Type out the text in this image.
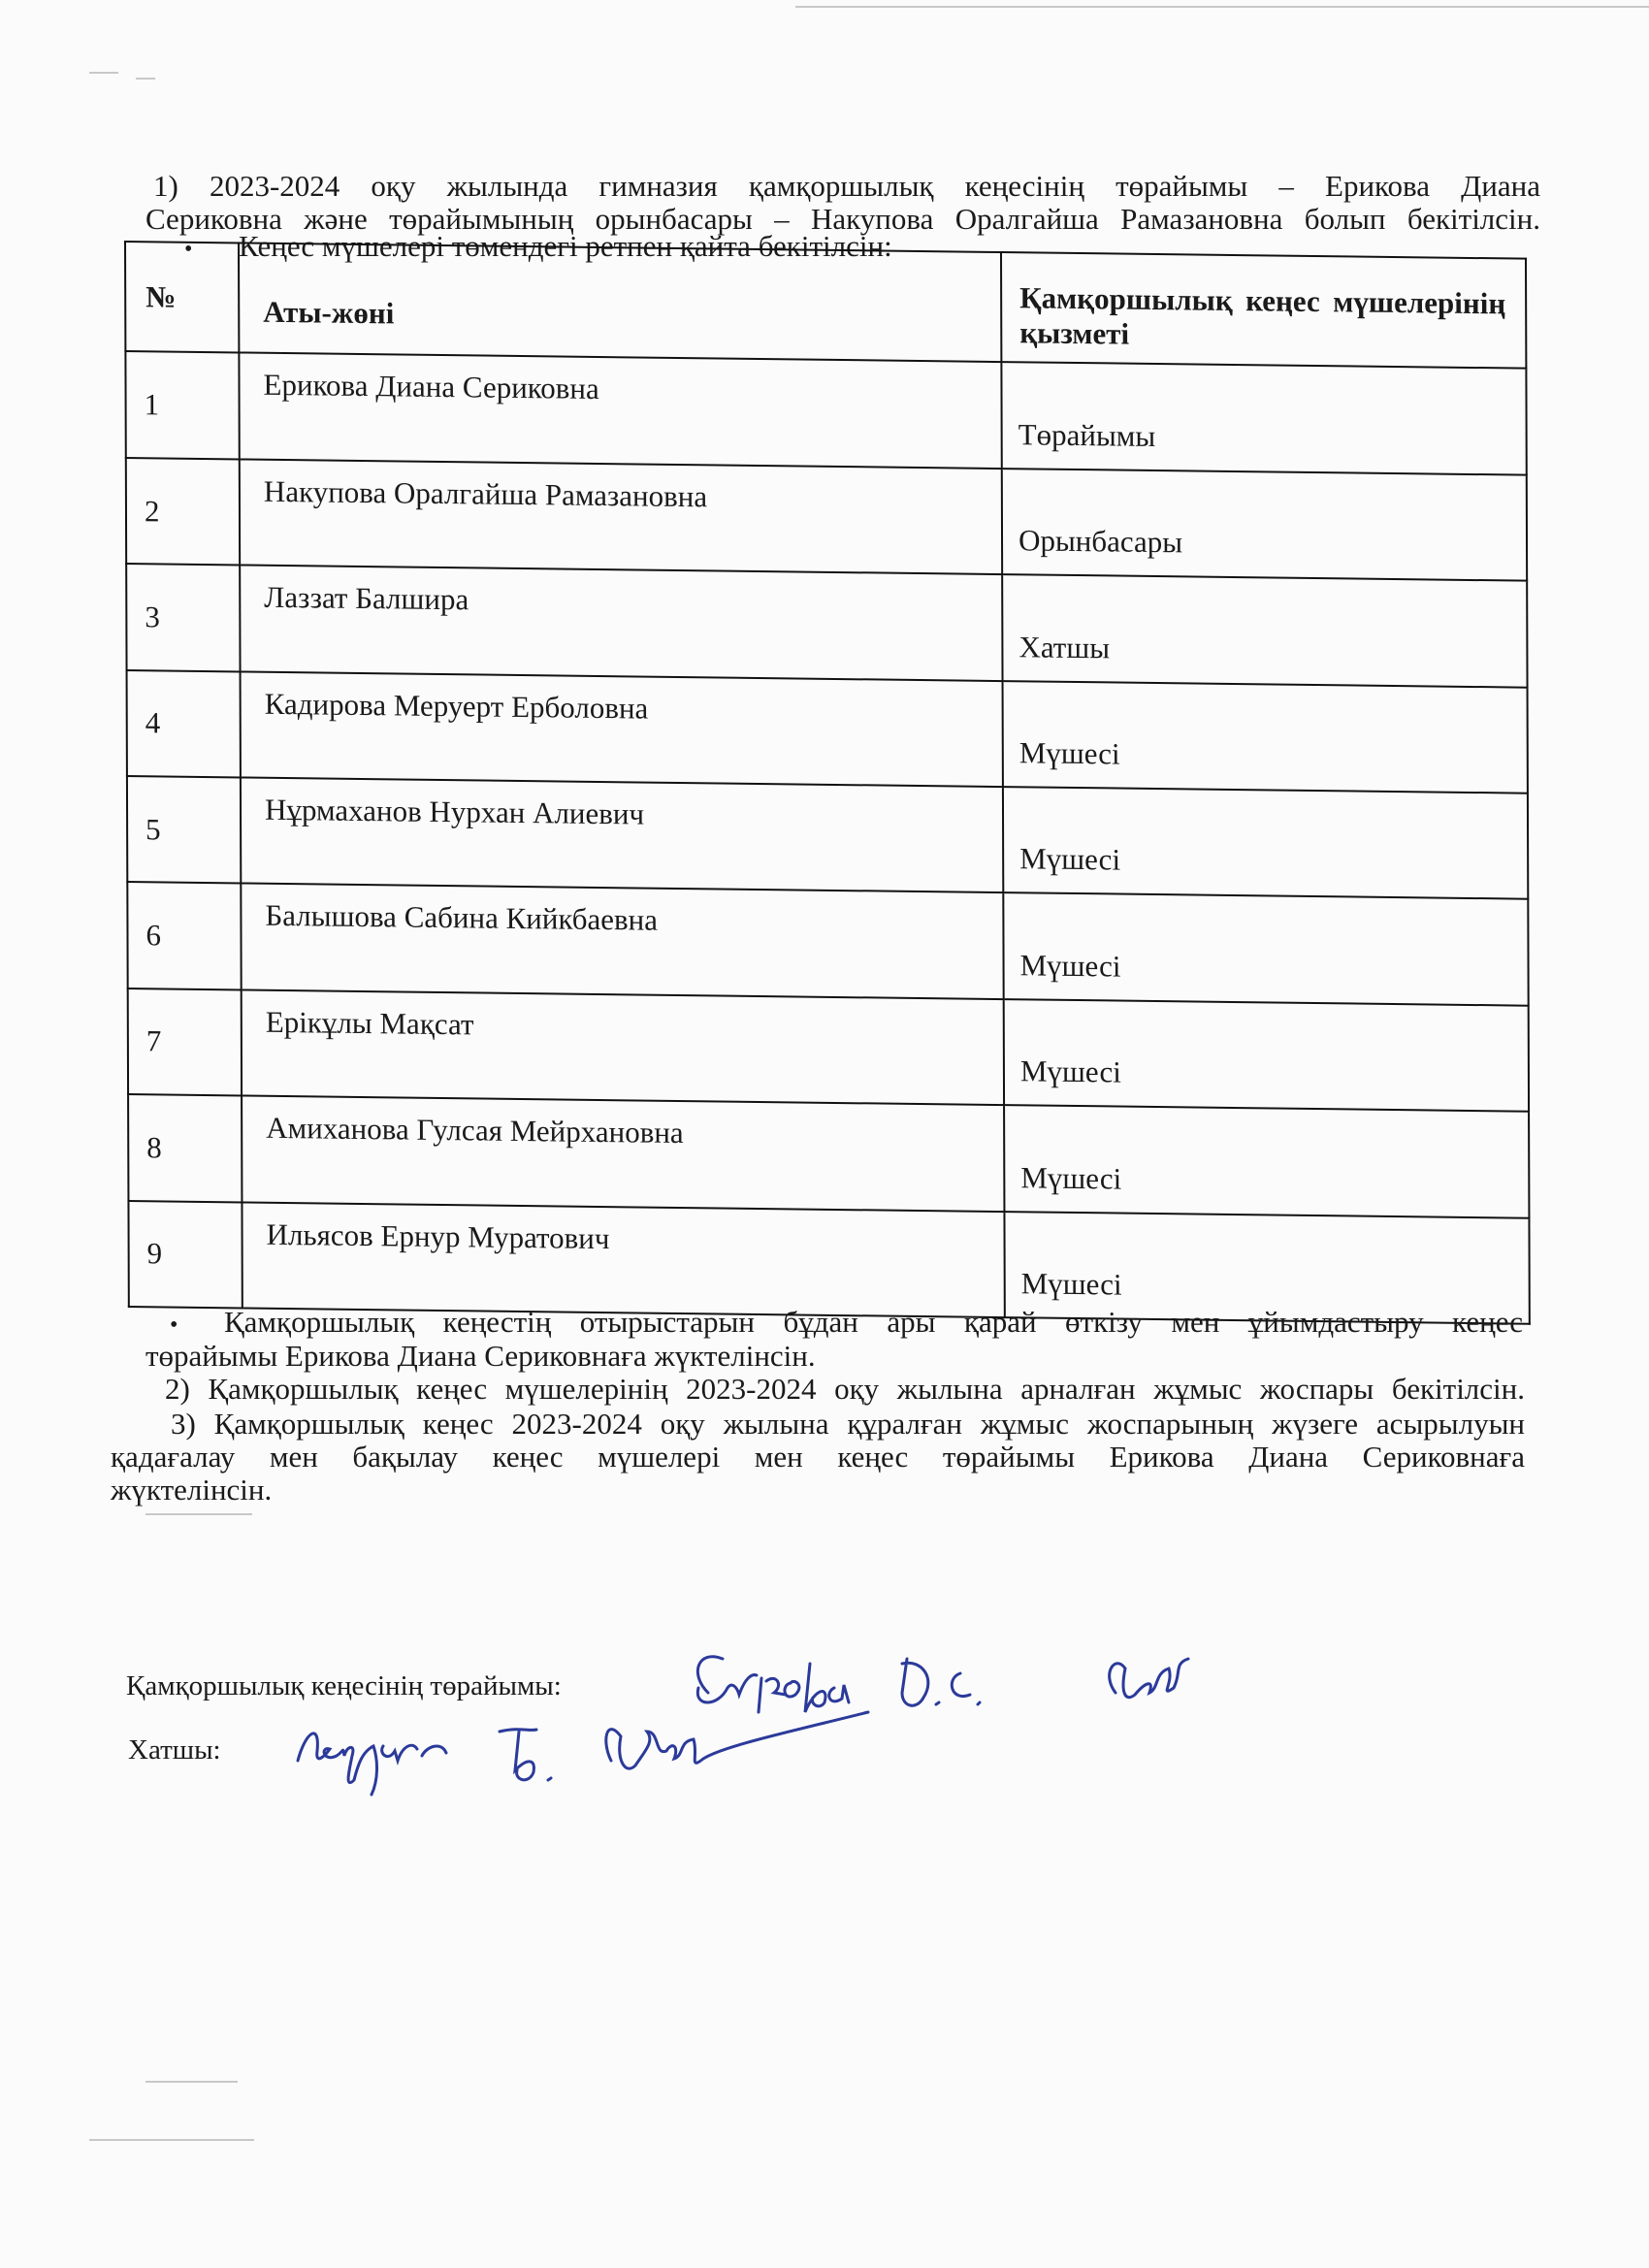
1) 2023-2024 оқу жылында гимназия қамқоршылық кеңесінің төрайымы – Ерикова Диана
Сериковна және төрайымының орынбасары – Накупова Оралгайша Рамазановна болып бекітілсін.
• Кеңес мүшелері төмендегі ретпен қайта бекітілсін:
№	Аты-жөні	Қамқоршылық кеңес мүшелерінің қызметі
1	Ерикова Диана Сериковна	Төрайымы
2	Накупова Оралгайша Рамазановна	Орынбасары
3	Лаззат Балшира	Хатшы
4	Кадирова Меруерт Ерболовна	Мүшесі
5	Нұрмаханов Нурхан Алиевич	Мүшесі
6	Балышова Сабина Кийкбаевна	Мүшесі
7	Ерікұлы Мақсат	Мүшесі
8	Амиханова Гулсая Мейрхановна	Мүшесі
9	Ильясов Ернур Муратович	Мүшесі
• Қамқоршылық кеңестің отырыстарын бұдан ары қарай өткізу мен ұйымдастыру кеңес
төрайымы Ерикова Диана Сериковнаға жүктелінсін.
2) Қамқоршылық кеңес мүшелерінің 2023-2024 оқу жылына арналған жұмыс жоспары бекітілсін.
3) Қамқоршылық кеңес 2023-2024 оқу жылына құралған жұмыс жоспарының жүзеге асырылуын
қадағалау мен бақылау кеңес мүшелері мен кеңес төрайымы Ерикова Диана Сериковнаға
жүктелінсін.
Қамқоршылық кеңесінің төрайымы:
Хатшы:
